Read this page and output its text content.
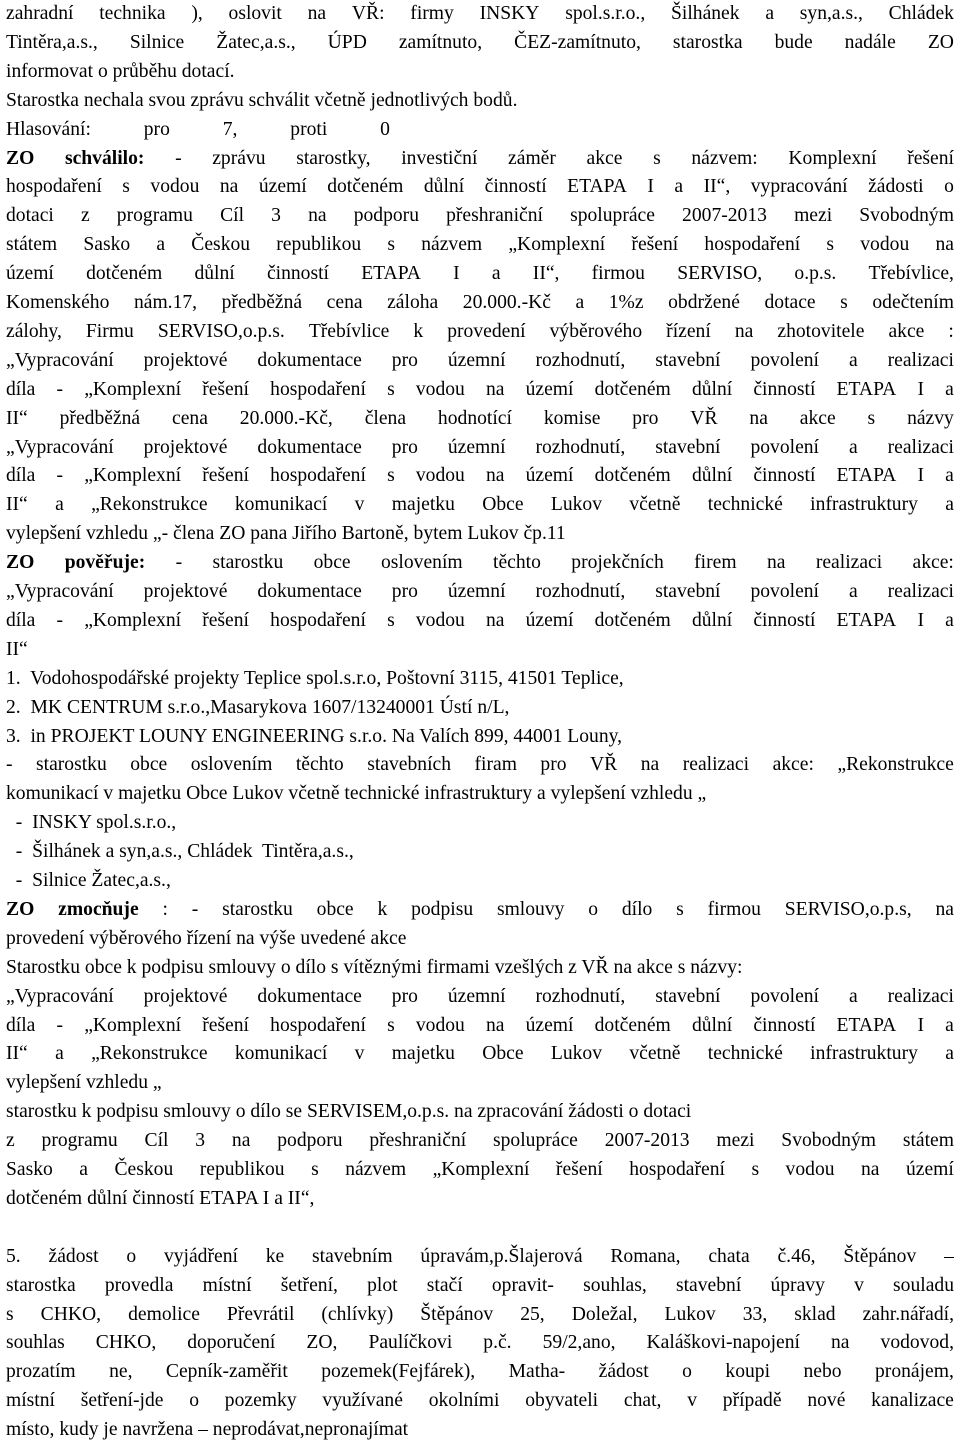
zahradní technika ), oslovit na VŘ: firmy INSKY spol.s.r.o., Šilhánek a syn,a.s., Chládek
Tintěra,a.s., Silnice Žatec,a.s., ÚPD zamítnuto, ČEZ-zamítnuto, starostka bude nadále ZO
informovat o průběhu dotací.
Starostka nechala svou zprávu schválit včetně jednotlivých bodů.
Hlasování:	pro	7,	proti	0
ZO schválilo: - zprávu starostky, investiční záměr akce s názvem: Komplexní řešení
hospodaření s vodou na území dotčeném důlní činností ETAPA I a II“, vypracování žádosti o
dotaci z programu Cíl 3 na podporu přeshraniční spolupráce 2007-2013 mezi Svobodným
státem Sasko a Českou republikou s názvem „Komplexní řešení hospodaření s vodou na
území dotčeném důlní činností ETAPA I a II“, firmou SERVISO, o.p.s. Třebívlice,
Komenského nám.17, předběžná cena záloha 20.000.-Kč a 1%z obdržené dotace s odečtením
zálohy, Firmu SERVISO,o.p.s. Třebívlice k provedení výběrového řízení na zhotovitele akce :
„Vypracování projektové dokumentace pro územní rozhodnutí, stavební povolení a realizaci
díla - „Komplexní řešení hospodaření s vodou na území dotčeném důlní činností ETAPA I a
II“ předběžná cena 20.000.-Kč, člena hodnotící komise pro VŘ na akce s názvy
„Vypracování projektové dokumentace pro územní rozhodnutí, stavební povolení a realizaci
díla - „Komplexní řešení hospodaření s vodou na území dotčeném důlní činností ETAPA I a
II“ a „Rekonstrukce komunikací v majetku Obce Lukov včetně technické infrastruktury a
vylepšení vzhledu „- člena ZO pana Jiřího Bartoně, bytem Lukov čp.11
ZO pověřuje: - starostku obce oslovením těchto projekčních firem na realizaci akce:
„Vypracování projektové dokumentace pro územní rozhodnutí, stavební povolení a realizaci
díla - „Komplexní řešení hospodaření s vodou na území dotčeném důlní činností ETAPA I a
II“
1.  Vodohospodářské projekty Teplice spol.s.r.o, Poštovní 3115, 41501 Teplice,
2.  MK CENTRUM s.r.o.,Masarykova 1607/13240001 Ústí n/L,
3.  in PROJEKT LOUNY ENGINEERING s.r.o. Na Valích 899, 44001 Louny,
- starostku obce oslovením těchto stavebních firam pro VŘ na realizaci akce: „Rekonstrukce
komunikací v majetku Obce Lukov včetně technické infrastruktury a vylepšení vzhledu „
-  INSKY spol.s.r.o.,
-  Šilhánek a syn,a.s., Chládek  Tintěra,a.s.,
-  Silnice Žatec,a.s.,
ZO zmocňuje : - starostku obce k podpisu smlouvy o dílo s firmou SERVISO,o.p.s, na
provedení výběrového řízení na výše uvedené akce
Starostku obce k podpisu smlouvy o dílo s vítěznými firmami vzešlých z VŘ na akce s názvy:
„Vypracování projektové dokumentace pro územní rozhodnutí, stavební povolení a realizaci
díla - „Komplexní řešení hospodaření s vodou na území dotčeném důlní činností ETAPA I a
II“ a „Rekonstrukce komunikací v majetku Obce Lukov včetně technické infrastruktury a
vylepšení vzhledu „
starostku k podpisu smlouvy o dílo se SERVISEM,o.p.s. na zpracování žádosti o dotaci
z programu Cíl 3 na podporu přeshraniční spolupráce 2007-2013 mezi Svobodným státem
Sasko a Českou republikou s názvem „Komplexní řešení hospodaření s vodou na území
dotčeném důlní činností ETAPA I a II“,
5. žádost o vyjádření ke stavebním úpravám,p.Šlajerová Romana, chata č.46, Štěpánov –
starostka provedla místní šetření, plot stačí opravit- souhlas, stavební úpravy v souladu
s CHKO, demolice Převrátil (chlívky) Štěpánov 25, Doležal, Lukov 33, sklad zahr.nářadí,
souhlas CHKO, doporučení ZO, Paulíčkovi p.č. 59/2,ano, Kaláškovi-napojení na vodovod,
prozatím ne, Cepník-zaměřit pozemek(Fejfárek), Matha- žádost o koupi nebo pronájem,
místní šetření-jde o pozemky využívané okolními obyvateli chat, v případě nové kanalizace
místo, kudy je navržena – neprodávat,nepronajímat
